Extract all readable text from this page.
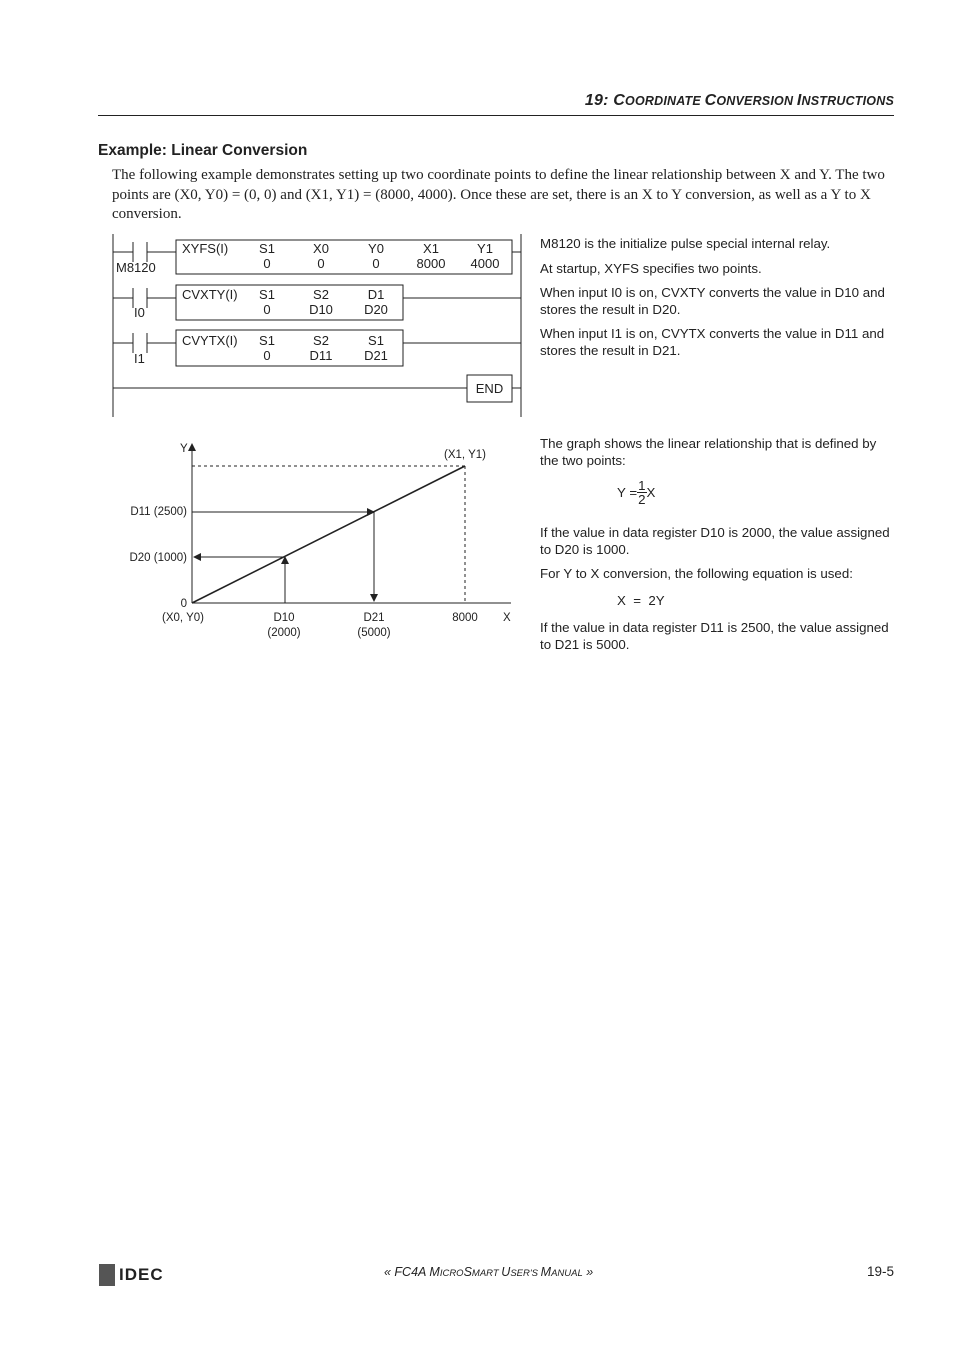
19: COORDINATE CONVERSION INSTRUCTIONS
Example: Linear Conversion

The following example demonstrates setting up two coordinate points to define the linear relationship between X and Y. The two points are (X0, Y0) = (0, 0) and (X1, Y1) = (8000, 4000). Once these are set, there is an X to Y conversion, as well as a Y to X conversion.

M8120
I0
I1
XYFS(I) S1
0
X0
0
Y0
0
X1
8000
Y1
4000
CVXTY(I) S1
0
S2
D10
D1
D20
CVYTX(I) S1
0
S2
D11
S1
D21
END

M8120 is the initialize pulse special internal relay.

At startup, XYFS specifies two points.

When input I0 is on, CVXTY converts the value in D10 and stores the result in D20.

When input I1 is on, CVYTX converts the value in D11 and stores the result in D21.

Y
X
(X1, Y1)
0
(X0, Y0)
D11 (2500)
D20 (1000)
D10
(2000)
D21
(5000)
8000

The graph shows the linear relationship that is defined by the two points:

$Y = \frac{1}{2}$ X

If the value in data register D10 is 2000, the value assigned to D20 is 1000.

For Y to X conversion, the following equation is used:

X  =  2Y

If the value in data register D11 is 2500, the value assigned to D21 is 5000.

IDEC	« FC4A MICROSMART USER'S MANUAL »	19-5
